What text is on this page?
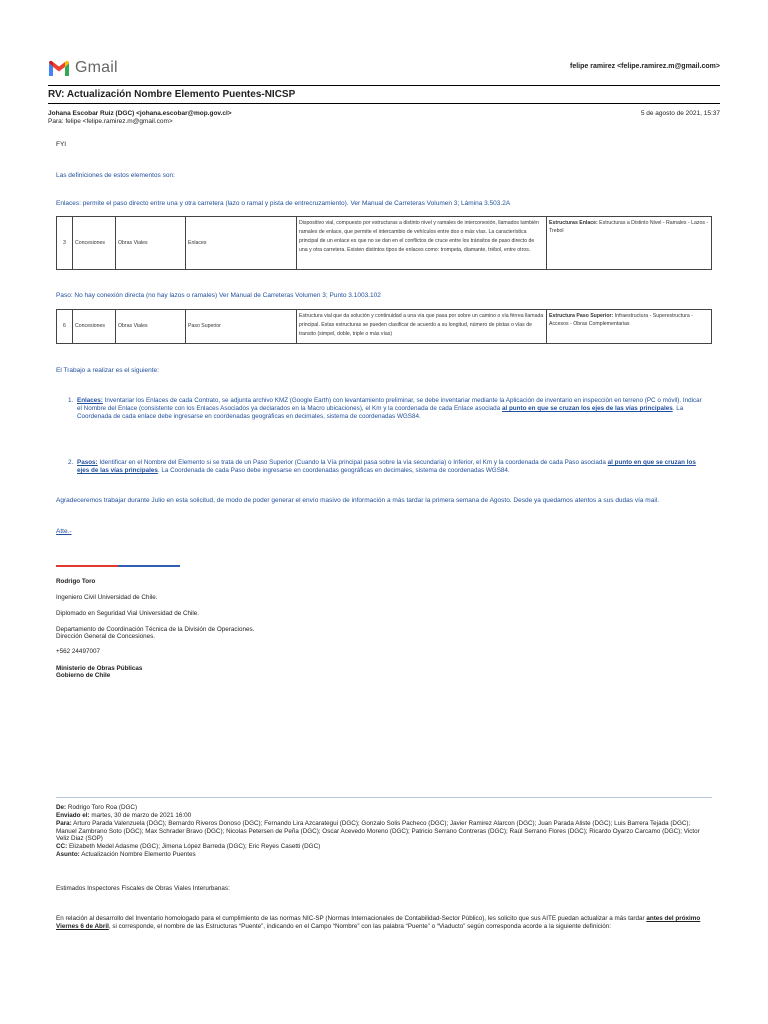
Gmail	felipe ramirez <felipe.ramirez.m@gmail.com>
RV: Actualización Nombre Elemento Puentes-NICSP
Johana Escobar Ruiz (DGC) <johana.escobar@mop.gov.cl>	5 de agosto de 2021, 15:37
Para: felipe <felipe.ramirez.m@gmail.com>
FYI
Las definiciones de estos elementos son:
Enlaces: permite el paso directo entre una y otra carretera (lazo o ramal y pista de entrecruzamiento). Ver Manual de Carreteras Volumen 3; Lámina 3.503.2A
3	Concesiones	Obras Viales	Enlaces	Dispositivo vial, compuesto por estructuras a distinto nivel y ramales de interconexión, llamados también ramales de enlace, que permite el intercambio de vehículos entre dos o más vías. La característica principal de un enlace es que no se dan en el conflictos de cruce entre los tránsitos de paso directo de una y otra carretera. Existen distintos tipos de enlaces como: trompeta, diamante, trébol, entre otros.	Estructuras Enlace: Estructuras a Distinto Nivel - Ramales - Lazos - Trebol
Paso: No hay conexión directa (no hay lazos o ramales) Ver Manual de Carreteras Volumen 3; Punto 3.1003.102
6	Concesiones	Obras Viales	Paso Superior	Estructura vial que da solución y continuidad a una vía que pasa por sobre un camino o vía férrea llamada principal. Estas estructuras se pueden clasificar de acuerdo a su longitud, número de pistas o vías de transito (simpel, doble, triple o más vías)	Estructura Paso Superior: Infraestructura - Superestructura - Accesos - Obras Complementarias
El Trabajo a realizar es el siguiente:
1. Enlaces: Inventariar los Enlaces de cada Contrato, se adjunta archivo KMZ (Google Earth) con levantamiento preliminar, se debe inventariar mediante la Aplicación de inventario en inspección en terreno (PC o móvil). Indicar el Nombre del Enlace (consistente con los Enlaces Asociados ya declarados en la Macro ubicaciones), el Km y la coordenada de cada Enlace asociada al punto en que se cruzan los ejes de las vías principales. La Coordenada de cada enlace debe ingresarse en coordenadas geográficas en decimales, sistema de coordenadas WGS84.
2. Pasos: Identificar en el Nombre del Elemento si se trata de un Paso Superior (Cuando la Vía principal pasa sobre la vía secundaria) o Inferior, el Km y la coordenada de cada Paso asociada al punto en que se cruzan los ejes de las vías principales. La Coordenada de cada Paso debe ingresarse en coordenadas geográficas en decimales, sistema de coordenadas WGS84.
Agradeceremos trabajar durante Julio en esta solicitud, de modo de poder generar el envío masivo de información a más tardar la primera semana de Agosto. Desde ya quedamos atentos a sus dudas vía mail.
Atte.-
Rodrigo Toro
Ingeniero Civil Universidad de Chile.
Diplomado en Seguridad Vial Universidad de Chile.
Departamento de Coordinación Técnica de la División de Operaciones.
Dirección General de Concesiones.
+562 24497007
Ministerio de Obras Públicas
Gobierno de Chile
De: Rodrigo Toro Roa (DGC)
Enviado el: martes, 30 de marzo de 2021 16:00
Para: Arturo Parada Valenzuela (DGC); Bernardo Riveros Donoso (DGC); Fernando Lira Azcarategui (DGC); Gonzalo Solis Pacheco (DGC); Javier Ramirez Alarcon (DGC); Juan Parada Aliste (DGC); Luis Barrera Tejada (DGC); Manuel Zambrano Soto (DGC); Max Schrader Bravo (DGC); Nicolas Petersen de Peña (DGC); Oscar Acevedo Moreno (DGC); Patricio Serrano Contreras (DGC); Raúl Serrano Flores (DGC); Ricardo Oyarzo Carcamo (DGC); Victor Veliz Diaz (SOP)
CC: Elizabeth Medel Adasme (DGC); Jimena López Barreda (DGC); Eric Reyes Casetti (DGC)
Asunto: Actualización Nombre Elemento Puentes
Estimados Inspectores Fiscales de Obras Viales Interurbanas:
En relación al desarrollo del Inventario homologado para el cumplimiento de las normas NIC-SP (Normas Internacionales de Contabilidad-Sector Público), les solicito que sus AITE puedan actualizar a más tardar antes del próximo Viernes 6 de Abril, si corresponde, el nombre de las Estructuras “Puente”, indicando en el Campo “Nombre” con las palabra “Puente” o “Viaducto” según corresponda acorde a la siguiente definición:
